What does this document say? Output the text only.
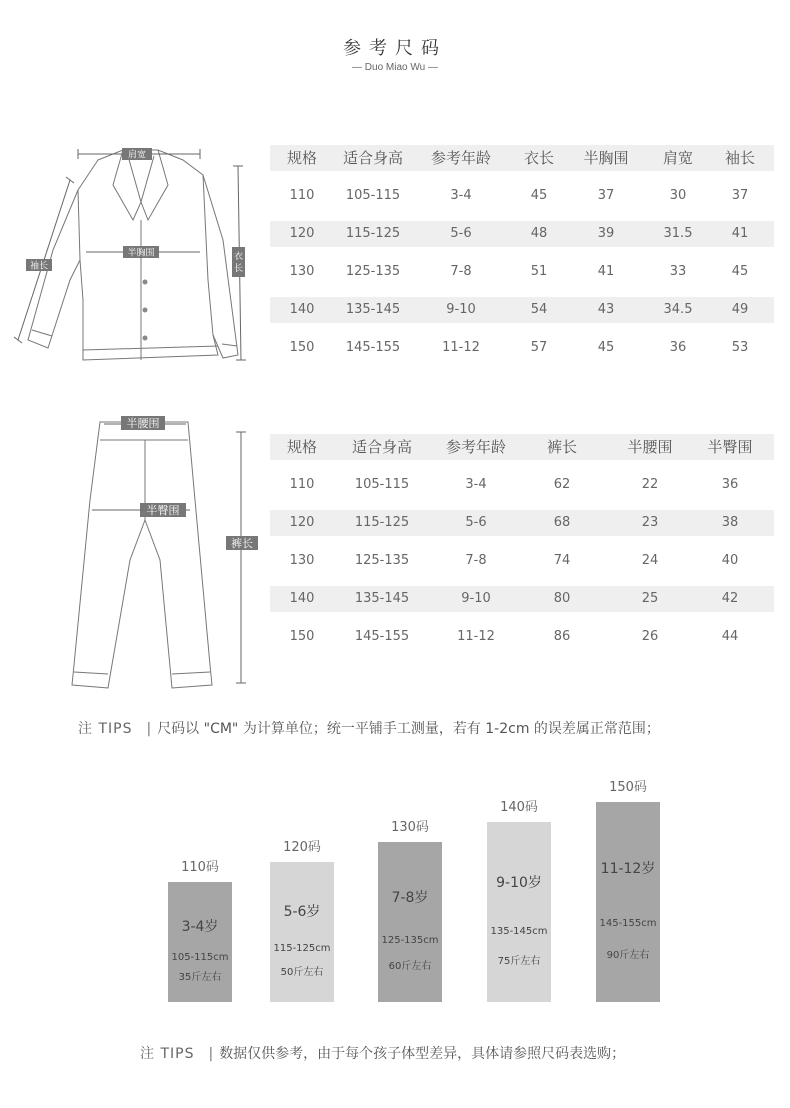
参考尺码
— Duo Miao Wu —
肩宽
半胸围
袖长
衣
长
规格	适合身高	参考年龄	衣长	半胸围	肩宽	袖长
110	105-115	3-4	45	37	30	37
120	115-125	5-6	48	39	31.5	41
130	125-135	7-8	51	41	33	45
140	135-145	9-10	54	43	34.5	49
150	145-155	11-12	57	45	36	53
半腰围
半臀围
裤长
规格	适合身高	参考年龄	裤长	半腰围	半臀围
110	105-115	3-4	62	22	36
120	115-125	5-6	68	23	38
130	125-135	7-8	74	24	40
140	135-145	9-10	80	25	42
150	145-155	11-12	86	26	44
注 TIPS | 尺码以 "CM" 为计算单位；统一平铺手工测量，若有 1-2cm 的误差属正常范围；
110码
3-4岁
105-115cm
35斤左右
120码
5-6岁
115-125cm
50斤左右
130码
7-8岁
125-135cm
60斤左右
140码
9-10岁
135-145cm
75斤左右
150码
11-12岁
145-155cm
90斤左右
注 TIPS | 数据仅供参考，由于每个孩子体型差异，具体请参照尺码表选购；
